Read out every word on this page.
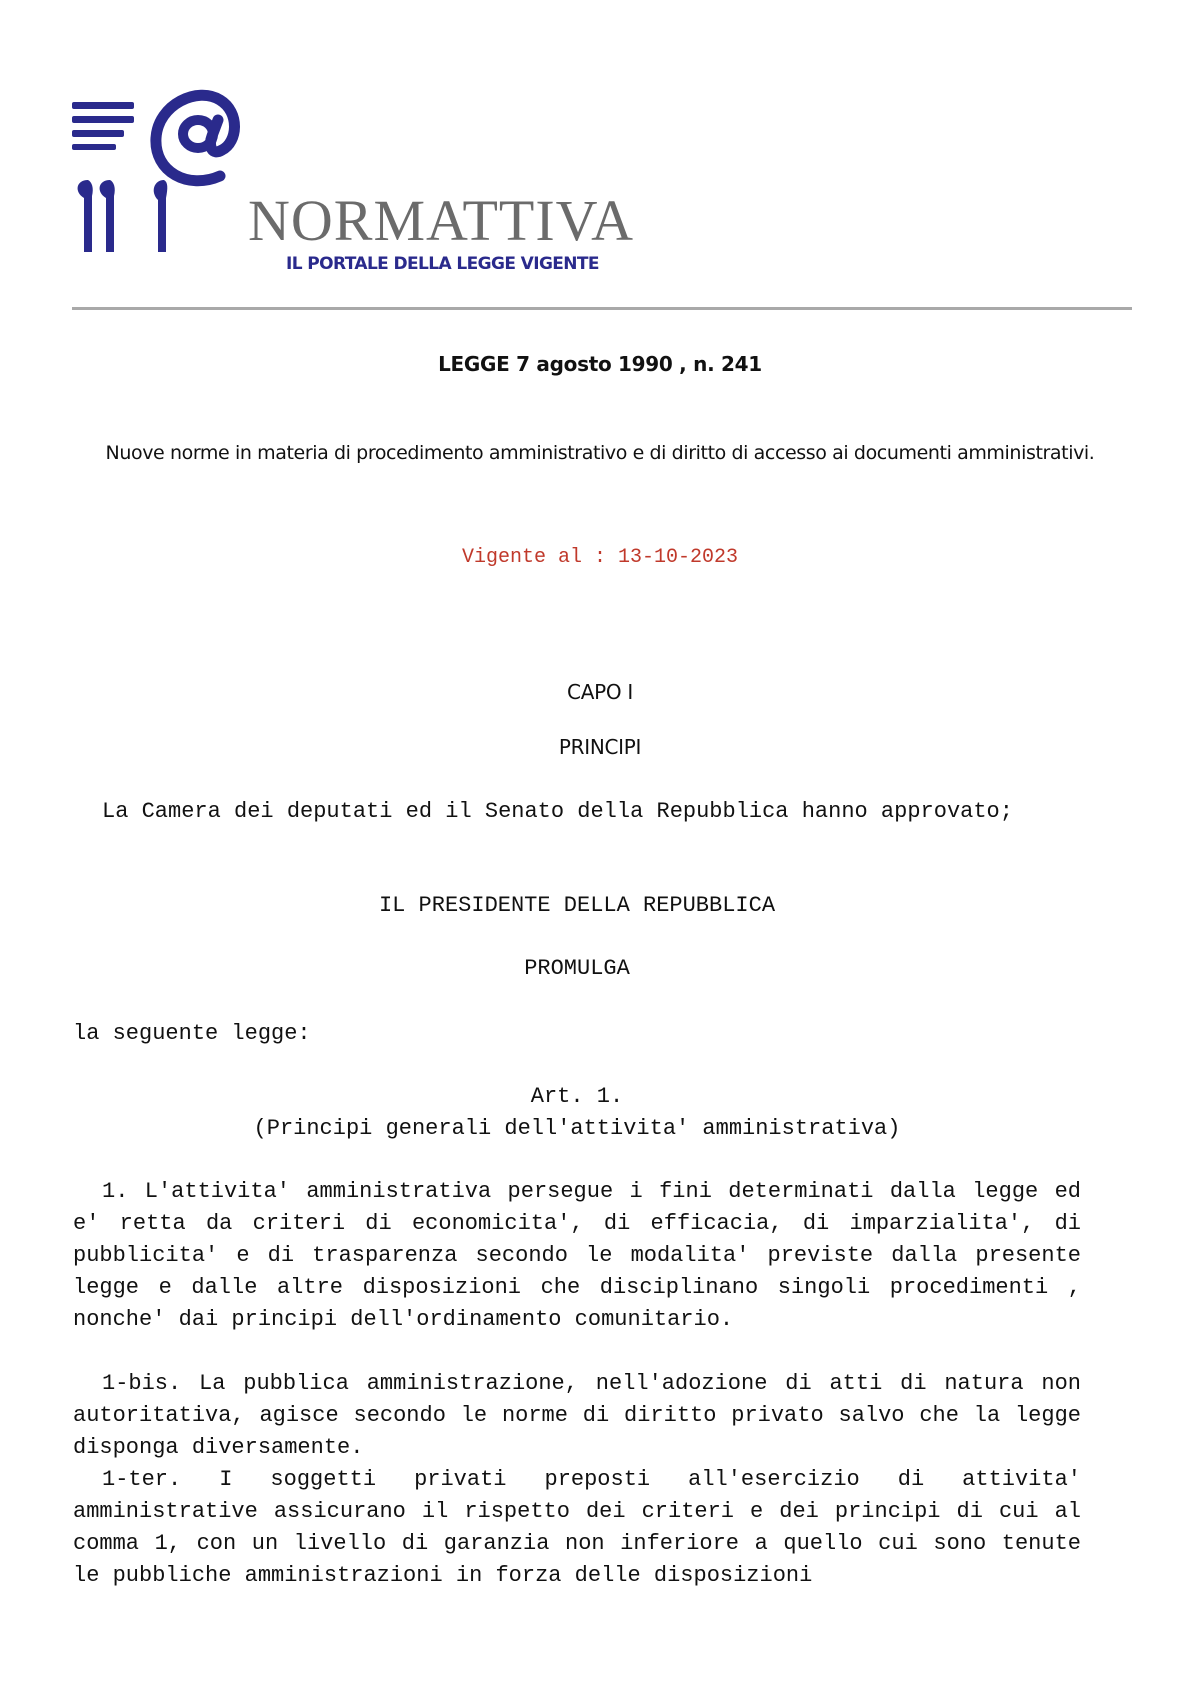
NORMATTIVA
IL PORTALE DELLA LEGGE VIGENTE
LEGGE 7 agosto 1990 , n. 241
Nuove norme in materia di procedimento amministrativo e di diritto di accesso ai documenti amministrativi.
Vigente al : 13-10-2023
CAPO I
PRINCIPI

La Camera dei deputati ed il Senato della Repubblica hanno approvato;

IL PRESIDENTE DELLA REPUBBLICA

PROMULGA

la seguente legge:

Art. 1.

(Principi generali dell'attivita' amministrativa)

1. L'attivita' amministrativa persegue i fini determinati dalla legge ed e' retta da criteri di economicita', di efficacia, di imparzialita', di pubblicita' e di trasparenza secondo le modalita' previste dalla presente legge e dalle altre disposizioni che disciplinano singoli procedimenti , nonche' dai principi dell'ordinamento comunitario.

1-bis. La pubblica amministrazione, nell'adozione di atti di natura non autoritativa, agisce secondo le norme di diritto privato salvo che la legge disponga diversamente.

1-ter. I soggetti privati preposti all'esercizio di attivita' amministrative assicurano il rispetto dei criteri e dei principi di cui al comma 1, con un livello di garanzia non inferiore a quello cui sono tenute le pubbliche amministrazioni in forza delle disposizioni
